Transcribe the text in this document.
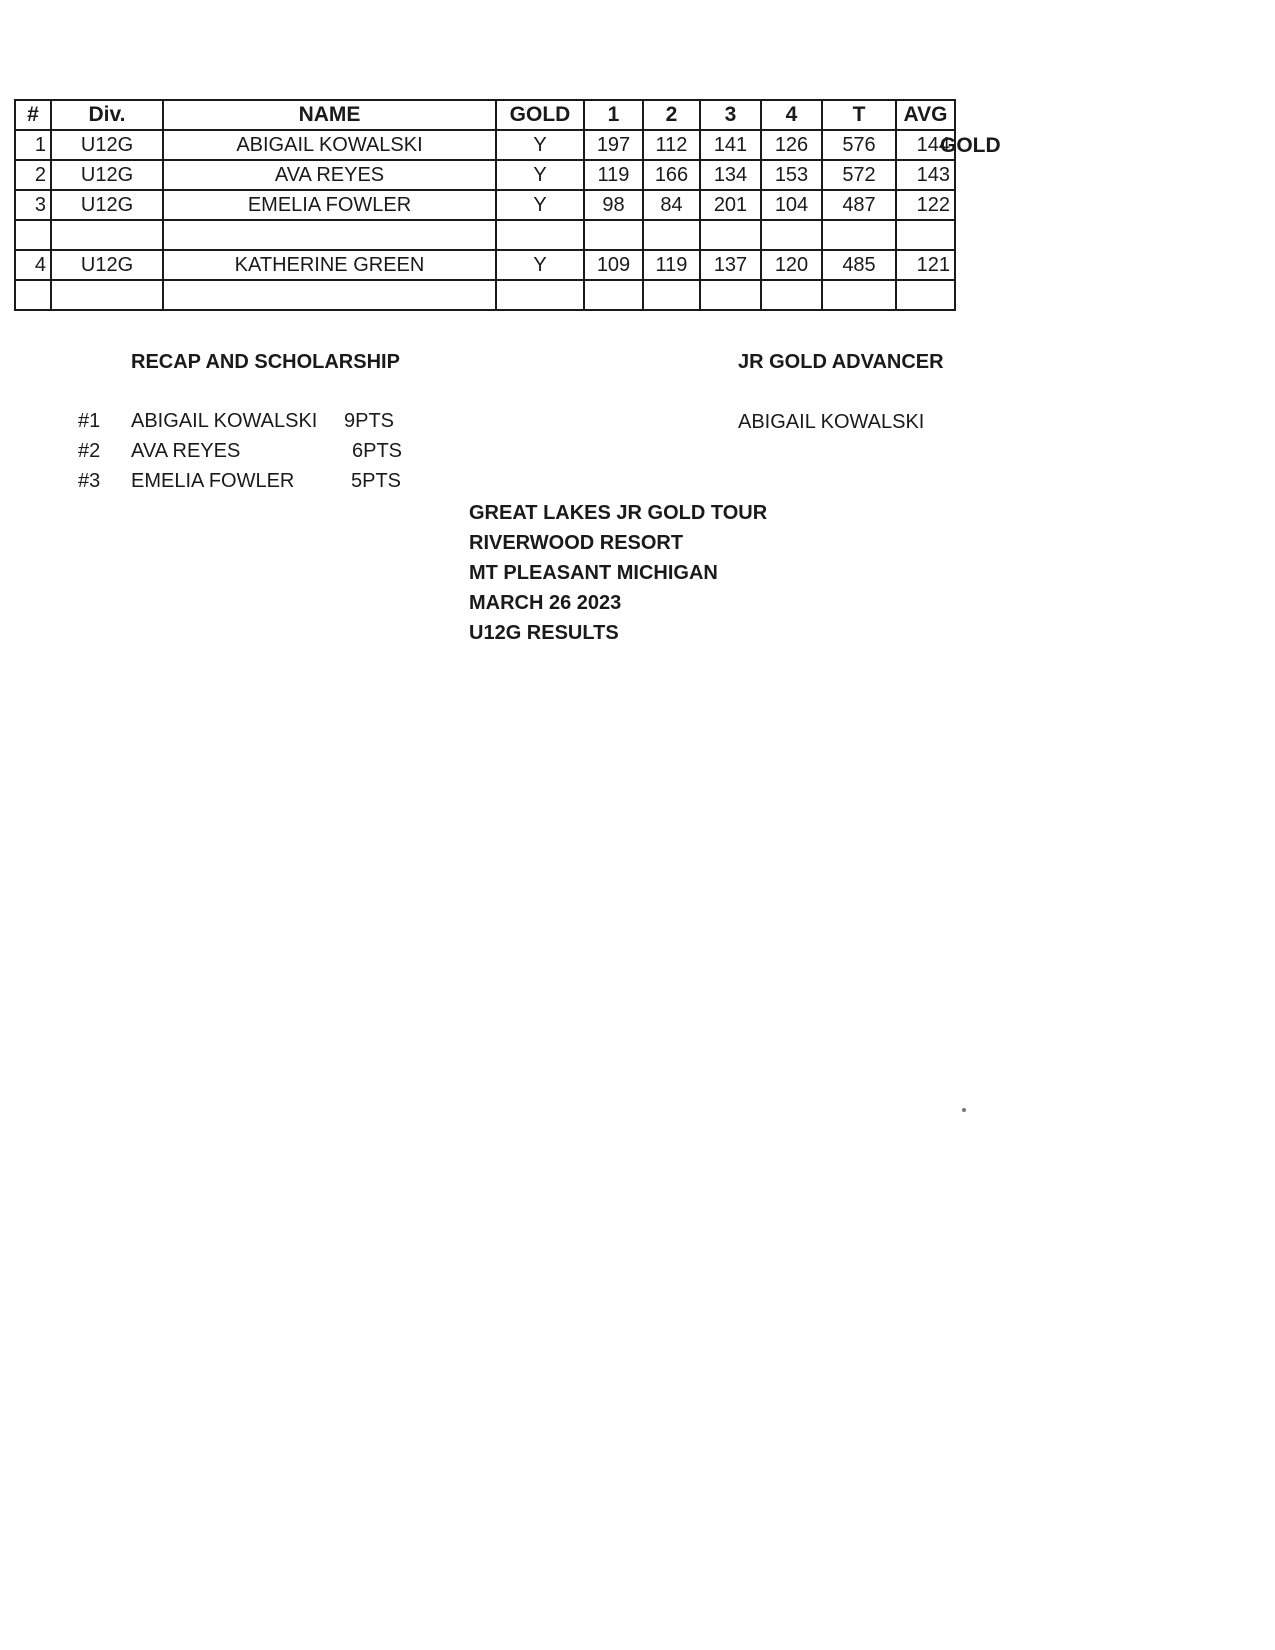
#	Div.	NAME	GOLD	1	2	3	4	T	AVG
1	U12G	ABIGAIL KOWALSKI	Y	197	112	141	126	576	144
2	U12G	AVA REYES	Y	119	166	134	153	572	143
3	U12G	EMELIA FOWLER	Y	98	84	201	104	487	122

4	U12G	KATHERINE GREEN	Y	109	119	137	120	485	121

GOLD
RECAP AND SCHOLARSHIP	JR GOLD ADVANCER
ABIGAIL KOWALSKI
#1 ABIGAIL KOWALSKI 9PTS
#2 AVA REYES	6PTS
#3 EMELIA FOWLER	5PTS
GREAT LAKES JR GOLD TOUR
RIVERWOOD RESORT
MT PLEASANT MICHIGAN
MARCH 26 2023
U12G RESULTS
